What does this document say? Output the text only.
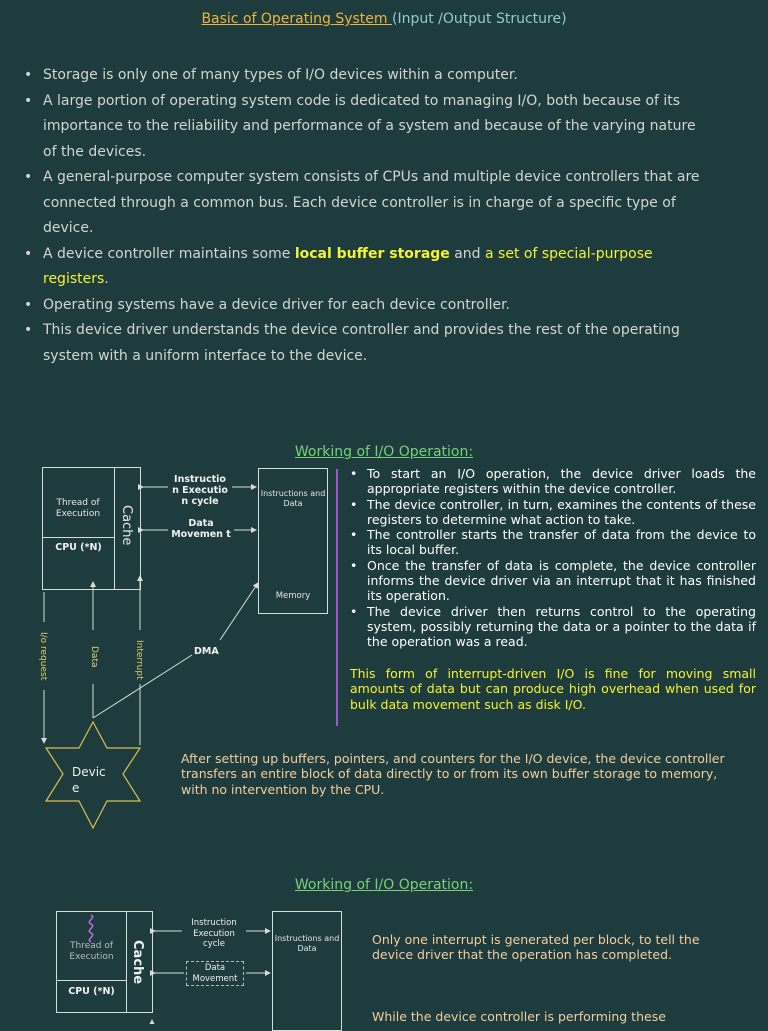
Basic of Operating System (Input /Output Structure)
• Storage is only one of many types of I/O devices within a computer.
• A large portion of operating system code is dedicated to managing I/O, both because of its importance to the reliability and performance of a system and because of the varying nature of the devices.
• A general-purpose computer system consists of CPUs and multiple device controllers that are connected through a common bus. Each device controller is in charge of a specific type of device.
• A device controller maintains some local buffer storage and a set of special-purpose registers.
• Operating systems have a device driver for each device controller.
• This device driver understands the device controller and provides the rest of the operating system with a uniform interface to the device.
Working of I/O Operation:
Thread of Execution
CPU (*N)
Cache
Instructio n Executio n cycle
Data Movemen t
Instructions and Data
Memory
I/o request	Data	Interrupt	DMA
Devic e
• To start an I/O operation, the device driver loads the appropriate registers within the device controller.
• The device controller, in turn, examines the contents of these registers to determine what action to take.
• The controller starts the transfer of data from the device to its local buffer.
• Once the transfer of data is complete, the device controller informs the device driver via an interrupt that it has finished its operation.
• The device driver then returns control to the operating system, possibly returning the data or a pointer to the data if the operation was a read.
This form of interrupt-driven I/O is fine for moving small amounts of data but can produce high overhead when used for bulk data movement such as disk I/O.
After setting up buffers, pointers, and counters for the I/O device, the device controller
transfers an entire block of data directly to or from its own buffer storage to memory, with no intervention by the CPU.
Working of I/O Operation:
Thread of Execution
CPU (*N)
Cache
Instruction Execution cycle
Data Movement
Instructions and Data
Only one interrupt is generated per block, to tell the device driver that the operation has completed.
While the device controller is performing these
